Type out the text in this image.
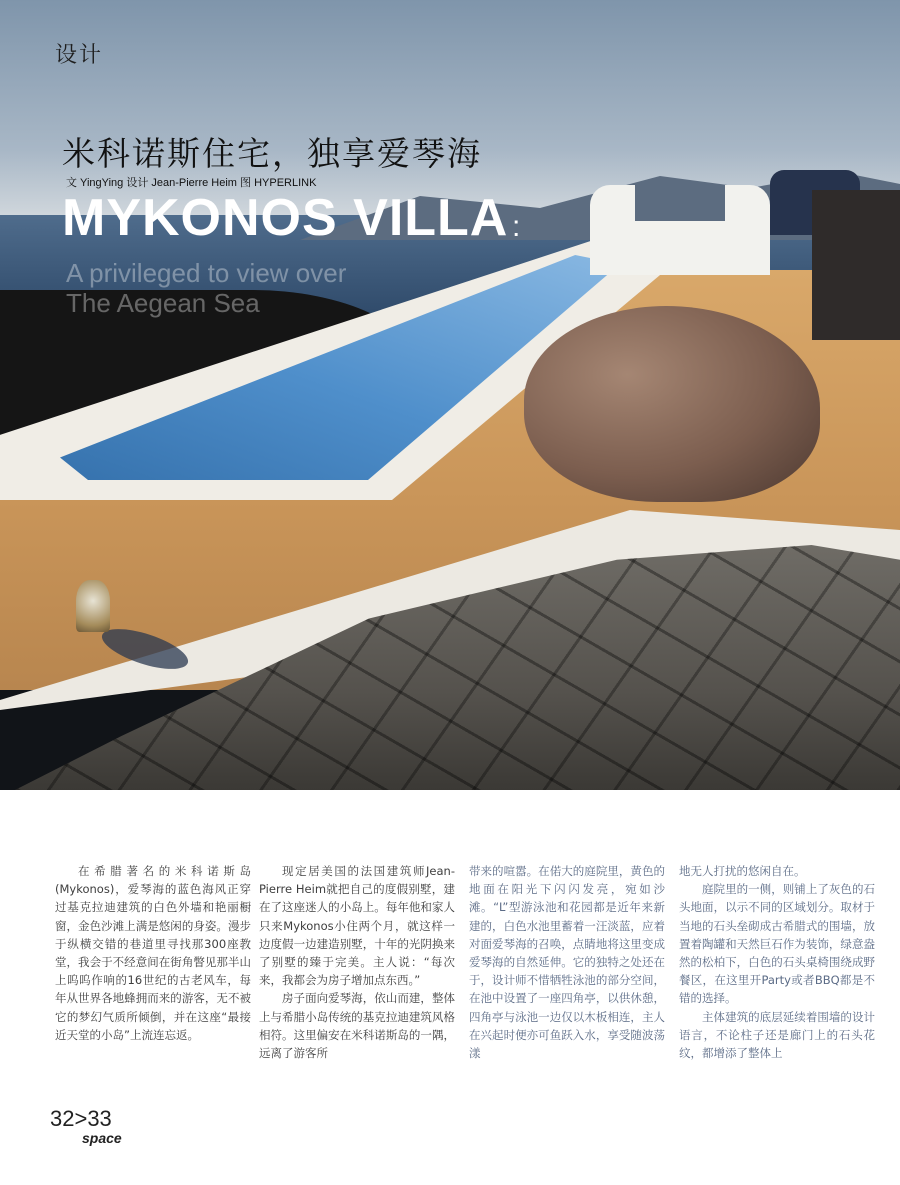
设计
米科诺斯住宅，独享爱琴海
文 YingYing 设计 Jean-Pierre Heim 图 HYPERLINK
MYKONOS VILLA :
A privileged to view over
The Aegean Sea

在希腊著名的米科诺斯岛(Mykonos)，爱琴海的蓝色海风正穿过基克拉迪建筑的白色外墙和艳丽橱窗，金色沙滩上满是悠闲的身姿。漫步于纵横交错的巷道里寻找那300座教堂，我会于不经意间在街角瞥见那半山上呜呜作响的16世纪的古老风车，每年从世界各地蜂拥而来的游客，无不被它的梦幻气质所倾倒，并在这座“最接近天堂的小岛”上流连忘返。

现定居美国的法国建筑师Jean-Pierre Heim就把自己的度假别墅，建在了这座迷人的小岛上。每年他和家人只来Mykonos小住两个月，就这样一边度假一边建造别墅，十年的光阴换来了别墅的臻于完美。主人说：“每次来，我都会为房子增加点东西。”

房子面向爱琴海，依山而建，整体上与希腊小岛传统的基克拉迪建筑风格相符。这里偏安在米科诺斯岛的一隅，远离了游客所

带来的喧嚣。在偌大的庭院里，黄色的地面在阳光下闪闪发亮，宛如沙滩。“L”型游泳池和花园都是近年来新建的，白色水池里蓄着一汪淡蓝，应着对面爱琴海的召唤，点睛地将这里变成爱琴海的自然延伸。它的独特之处还在于，设计师不惜牺牲泳池的部分空间，在池中设置了一座四角亭，以供休憩，四角亭与泳池一边仅以木板相连，主人在兴起时便亦可鱼跃入水，享受随波荡漾

地无人打扰的悠闲自在。

庭院里的一侧，则铺上了灰色的石头地面，以示不同的区域划分。取材于当地的石头垒砌成古希腊式的围墙，放置着陶罐和天然巨石作为装饰，绿意盎然的松柏下，白色的石头桌椅围绕成野餐区，在这里开Party或者BBQ都是不错的选择。

主体建筑的底层延续着围墙的设计语言，不论柱子还是廊门上的石头花纹，都增添了整体上

32>33
space
